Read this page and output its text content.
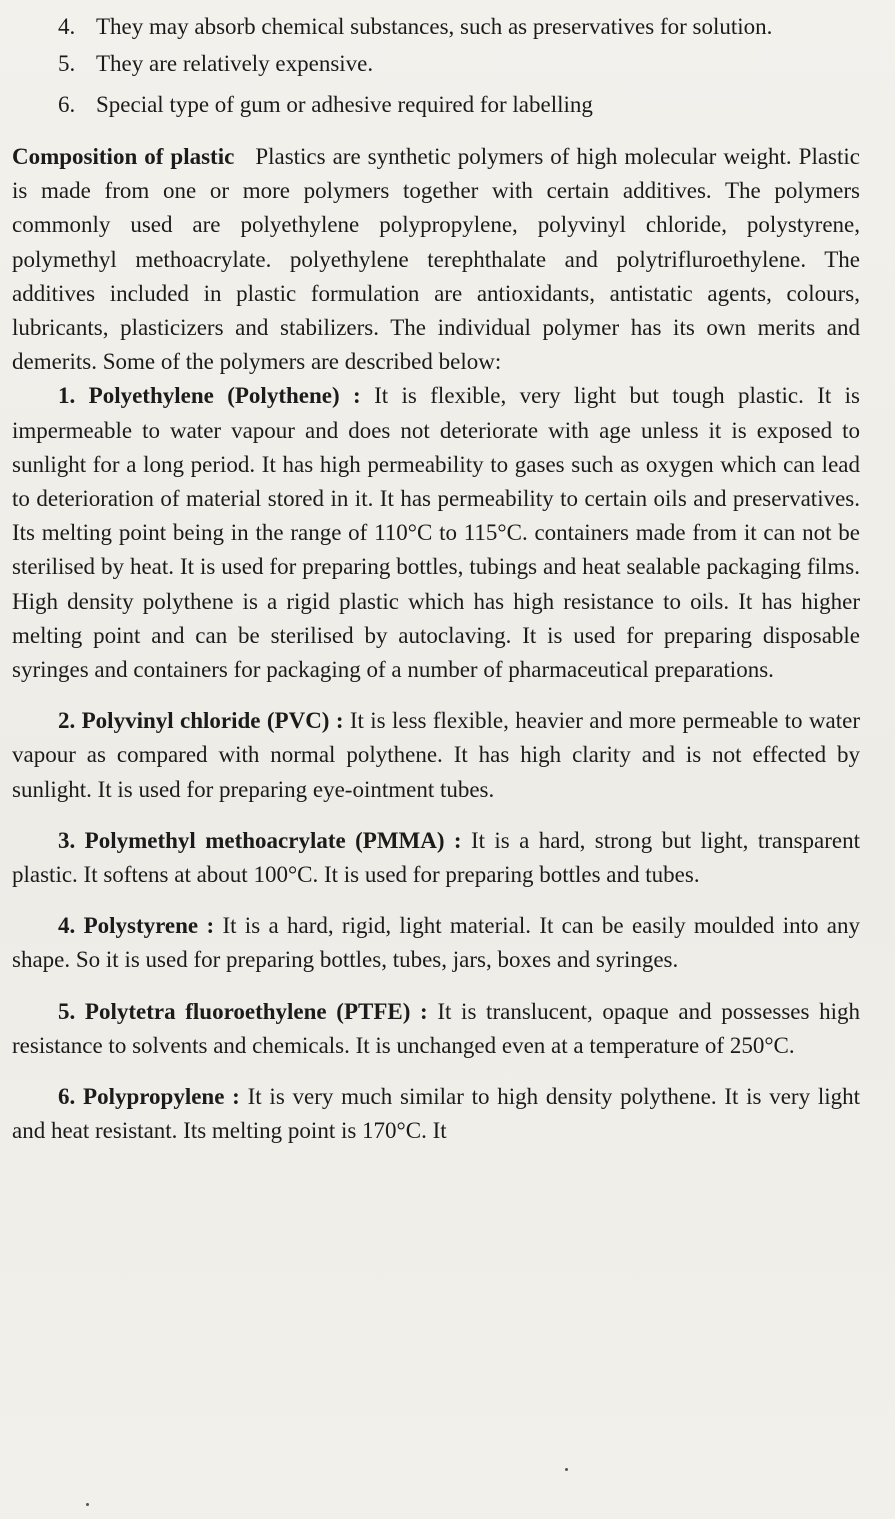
4. They may absorb chemical substances, such as preservatives for solution.
5. They are relatively expensive.
6. Special type of gum or adhesive required for labelling

Composition of plastic Plastics are synthetic polymers of high molecular weight. Plastic is made from one or more polymers together with certain additives. The polymers commonly used are polyethylene polypropylene, polyvinyl chloride, polystyrene, polymethyl methoacrylate. polyethylene terephthalate and polytrifluroethylene. The additives included in plastic formulation are antioxidants, antistatic agents, colours, lubricants, plasticizers and stabilizers. The individual polymer has its own merits and demerits. Some of the polymers are described below:

1. Polyethylene (Polythene) : It is flexible, very light but tough plastic. It is impermeable to water vapour and does not deteriorate with age unless it is exposed to sunlight for a long period. It has high permeability to gases such as oxygen which can lead to deterioration of material stored in it. It has permeability to certain oils and preservatives. Its melting point being in the range of 110°C to 115°C. containers made from it can not be sterilised by heat. It is used for preparing bottles, tubings and heat sealable packaging films. High density polythene is a rigid plastic which has high resistance to oils. It has higher melting point and can be sterilised by autoclaving. It is used for preparing disposable syringes and containers for packaging of a number of pharmaceutical preparations.

2. Polyvinyl chloride (PVC) : It is less flexible, heavier and more permeable to water vapour as compared with normal polythene. It has high clarity and is not effected by sunlight. It is used for preparing eye-ointment tubes.

3. Polymethyl methoacrylate (PMMA) : It is a hard, strong but light, transparent plastic. It softens at about 100°C. It is used for preparing bottles and tubes.

4. Polystyrene : It is a hard, rigid, light material. It can be easily moulded into any shape. So it is used for preparing bottles, tubes, jars, boxes and syringes.

5. Polytetra fluoroethylene (PTFE) : It is translucent, opaque and possesses high resistance to solvents and chemicals. It is unchanged even at a temperature of 250°C.

6. Polypropylene : It is very much similar to high density polythene. It is very light and heat resistant. Its melting point is 170°C. It
